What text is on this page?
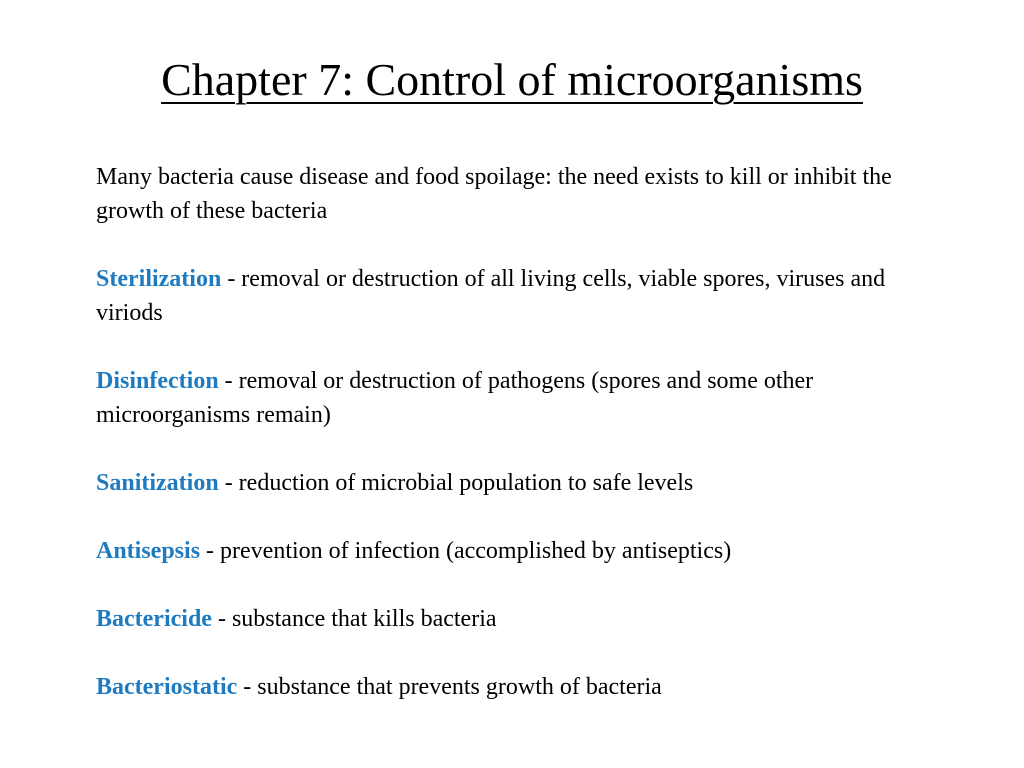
Chapter 7: Control of microorganisms

Many bacteria cause disease and food spoilage: the need exists to kill or inhibit the growth of these bacteria

Sterilization - removal or destruction of all living cells, viable spores, viruses and viriods

Disinfection - removal or destruction of pathogens (spores and some other microorganisms remain)

Sanitization - reduction of microbial population to safe levels

Antisepsis - prevention of infection (accomplished by antiseptics)

Bactericide - substance that kills bacteria

Bacteriostatic - substance that prevents growth of bacteria
